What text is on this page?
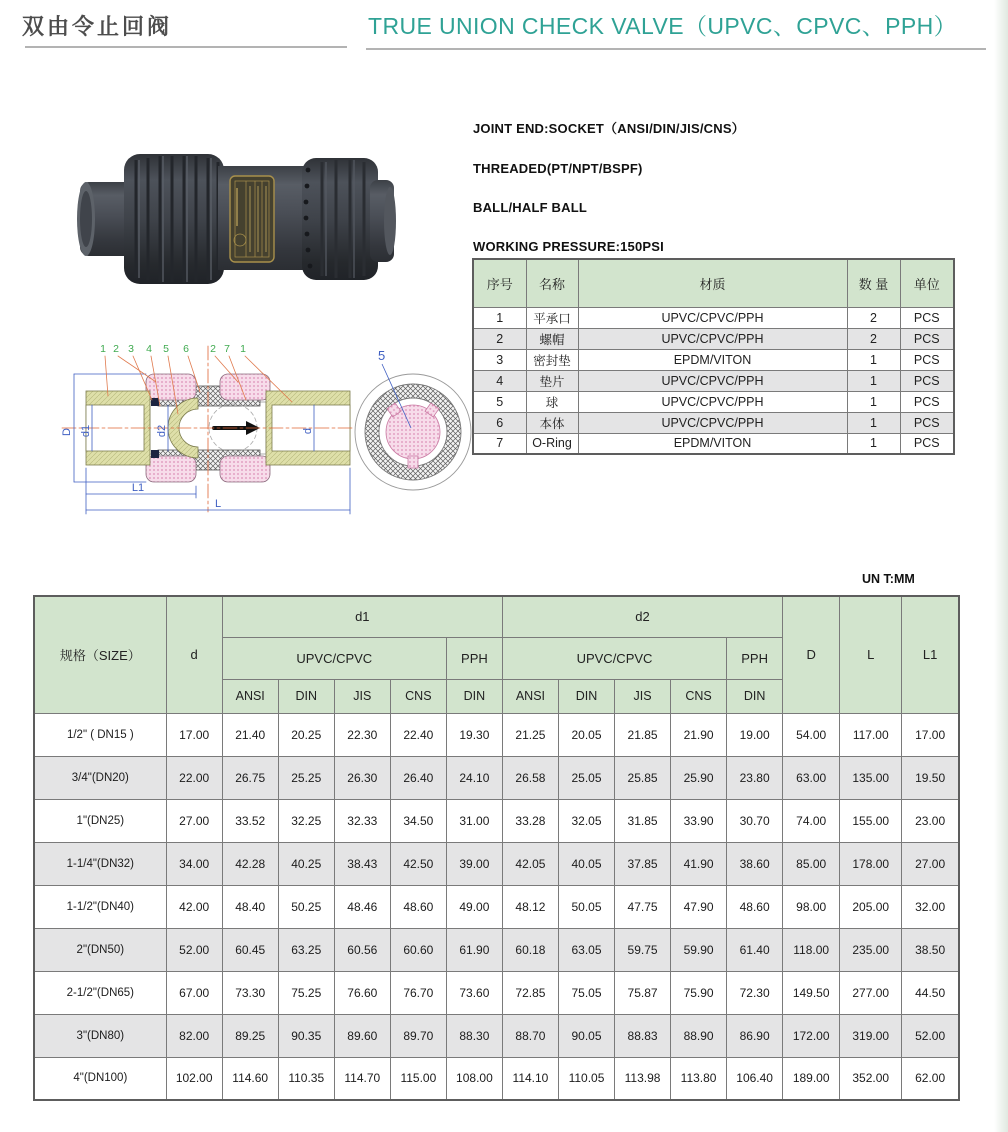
双由令止回阀	TRUE UNION CHECK VALVE（UPVC、CPVC、PPH）
JOINT END:SOCKET（ANSI/DIN/JIS/CNS）
THREADED(PT/NPT/BSPF)
BALL/HALF BALL
WORKING PRESSURE:150PSI
序号	名称	材质	数 量	单位
1	平承口	UPVC/CPVC/PPH	2	PCS
2	螺帽	UPVC/CPVC/PPH	2	PCS
3	密封垫	EPDM/VITON	1	PCS
4	垫片	UPVC/CPVC/PPH	1	PCS
5	球	UPVC/CPVC/PPH	1	PCS
6	本体	UPVC/CPVC/PPH	1	PCS
7	O-Ring	EPDM/VITON	1	PCS
D d1	d2	d
L1
L
1 2 3 4 5 6 2 7 1	5
UN T:MM
规格（SIZE）	d	d1					d2					D	L	L1
		UPVC/CPVC				PPH	UPVC/CPVC				PPH			
		ANSI	DIN	JIS	CNS	DIN	ANSI	DIN	JIS	CNS	DIN			
1/2" ( DN15 )	17.00	21.40	20.25	22.30	22.40	19.30	21.25	20.05	21.85	21.90	19.00	54.00	117.00	17.00
3/4"(DN20)	22.00	26.75	25.25	26.30	26.40	24.10	26.58	25.05	25.85	25.90	23.80	63.00	135.00	19.50
1"(DN25)	27.00	33.52	32.25	32.33	34.50	31.00	33.28	32.05	31.85	33.90	30.70	74.00	155.00	23.00
1-1/4"(DN32)	34.00	42.28	40.25	38.43	42.50	39.00	42.05	40.05	37.85	41.90	38.60	85.00	178.00	27.00
1-1/2"(DN40)	42.00	48.40	50.25	48.46	48.60	49.00	48.12	50.05	47.75	47.90	48.60	98.00	205.00	32.00
2"(DN50)	52.00	60.45	63.25	60.56	60.60	61.90	60.18	63.05	59.75	59.90	61.40	118.00	235.00	38.50
2-1/2"(DN65)	67.00	73.30	75.25	76.60	76.70	73.60	72.85	75.05	75.87	75.90	72.30	149.50	277.00	44.50
3"(DN80)	82.00	89.25	90.35	89.60	89.70	88.30	88.70	90.05	88.83	88.90	86.90	172.00	319.00	52.00
4"(DN100)	102.00	114.60	110.35	114.70	115.00	108.00	114.10	110.05	113.98	113.80	106.40	189.00	352.00	62.00
